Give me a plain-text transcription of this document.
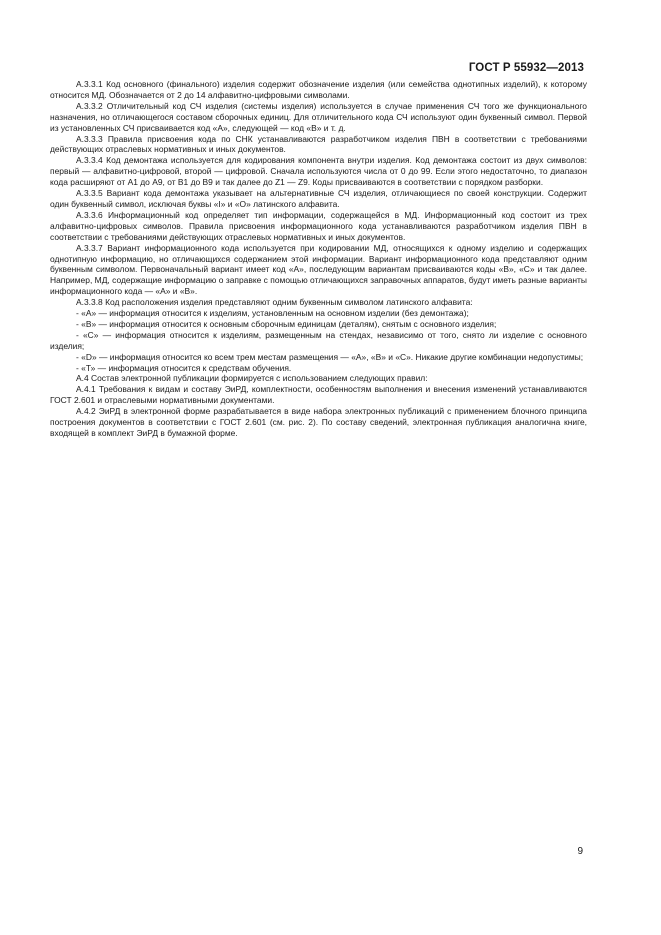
ГОСТ Р 55932—2013

А.3.3.1 Код основного (финального) изделия содержит обозначение изделия (или семейства однотипных изделий), к которому относится МД. Обозначается от 2 до 14 алфавитно-цифровыми символами.

А.3.3.2 Отличительный код СЧ изделия (системы изделия) используется в случае применения СЧ того же функционального назначения, но отличающегося составом сборочных единиц. Для отличительного кода СЧ используют один буквенный символ. Первой из установленных СЧ присваивается код «А», следующей — код «В» и т. д.

А.3.3.3 Правила присвоения кода по СНК устанавливаются разработчиком изделия ПВН в соответствии с требованиями действующих отраслевых нормативных и иных документов.

А.3.3.4 Код демонтажа используется для кодирования компонента внутри изделия. Код демонтажа состоит из двух символов: первый — алфавитно-цифровой, второй — цифровой. Сначала используются числа от 0 до 99. Если этого недостаточно, то диапазон кода расширяют от А1 до А9, от В1 до В9 и так далее до Z1 — Z9. Коды присваиваются в соответствии с порядком разборки.

А.3.3.5 Вариант кода демонтажа указывает на альтернативные СЧ изделия, отличающиеся по своей конструкции. Содержит один буквенный символ, исключая буквы «I» и «О» латинского алфавита.

А.3.3.6 Информационный код определяет тип информации, содержащейся в МД. Информационный код состоит из трех алфавитно-цифровых символов. Правила присвоения информационного кода устанавливаются разработчиком изделия ПВН в соответствии с требованиями действующих отраслевых нормативных и иных документов.

А.3.3.7 Вариант информационного кода используется при кодировании МД, относящихся к одному изделию и содержащих однотипную информацию, но отличающихся содержанием этой информации. Вариант информационного кода представляют одним буквенным символом. Первоначальный вариант имеет код «А», последующим вариантам присваиваются коды «В», «С» и так далее. Например, МД, содержащие информацию о заправке с помощью отличающихся заправочных аппаратов, будут иметь разные варианты информационного кода — «А» и «В».

А.3.3.8 Код расположения изделия представляют одним буквенным символом латинского алфавита:

- «А» — информация относится к изделиям, установленным на основном изделии (без демонтажа);

- «В» — информация относится к основным сборочным единицам (деталям), снятым с основного изделия;

- «С» — информация относится к изделиям, размещенным на стендах, независимо от того, снято ли изделие с основного изделия;

- «D» — информация относится ко всем трем местам размещения — «А», «В» и «С». Никакие другие комбинации недопустимы;

- «Т» — информация относится к средствам обучения.

А.4 Состав электронной публикации формируется с использованием следующих правил:

А.4.1 Требования к видам и составу ЭиРД, комплектности, особенностям выполнения и внесения изменений устанавливаются ГОСТ 2.601 и отраслевыми нормативными документами.

А.4.2 ЭиРД в электронной форме разрабатывается в виде набора электронных публикаций с применением блочного принципа построения документов в соответствии с ГОСТ 2.601 (см. рис. 2). По составу сведений, электронная публикация аналогична книге, входящей в комплект ЭиРД в бумажной форме.

9
